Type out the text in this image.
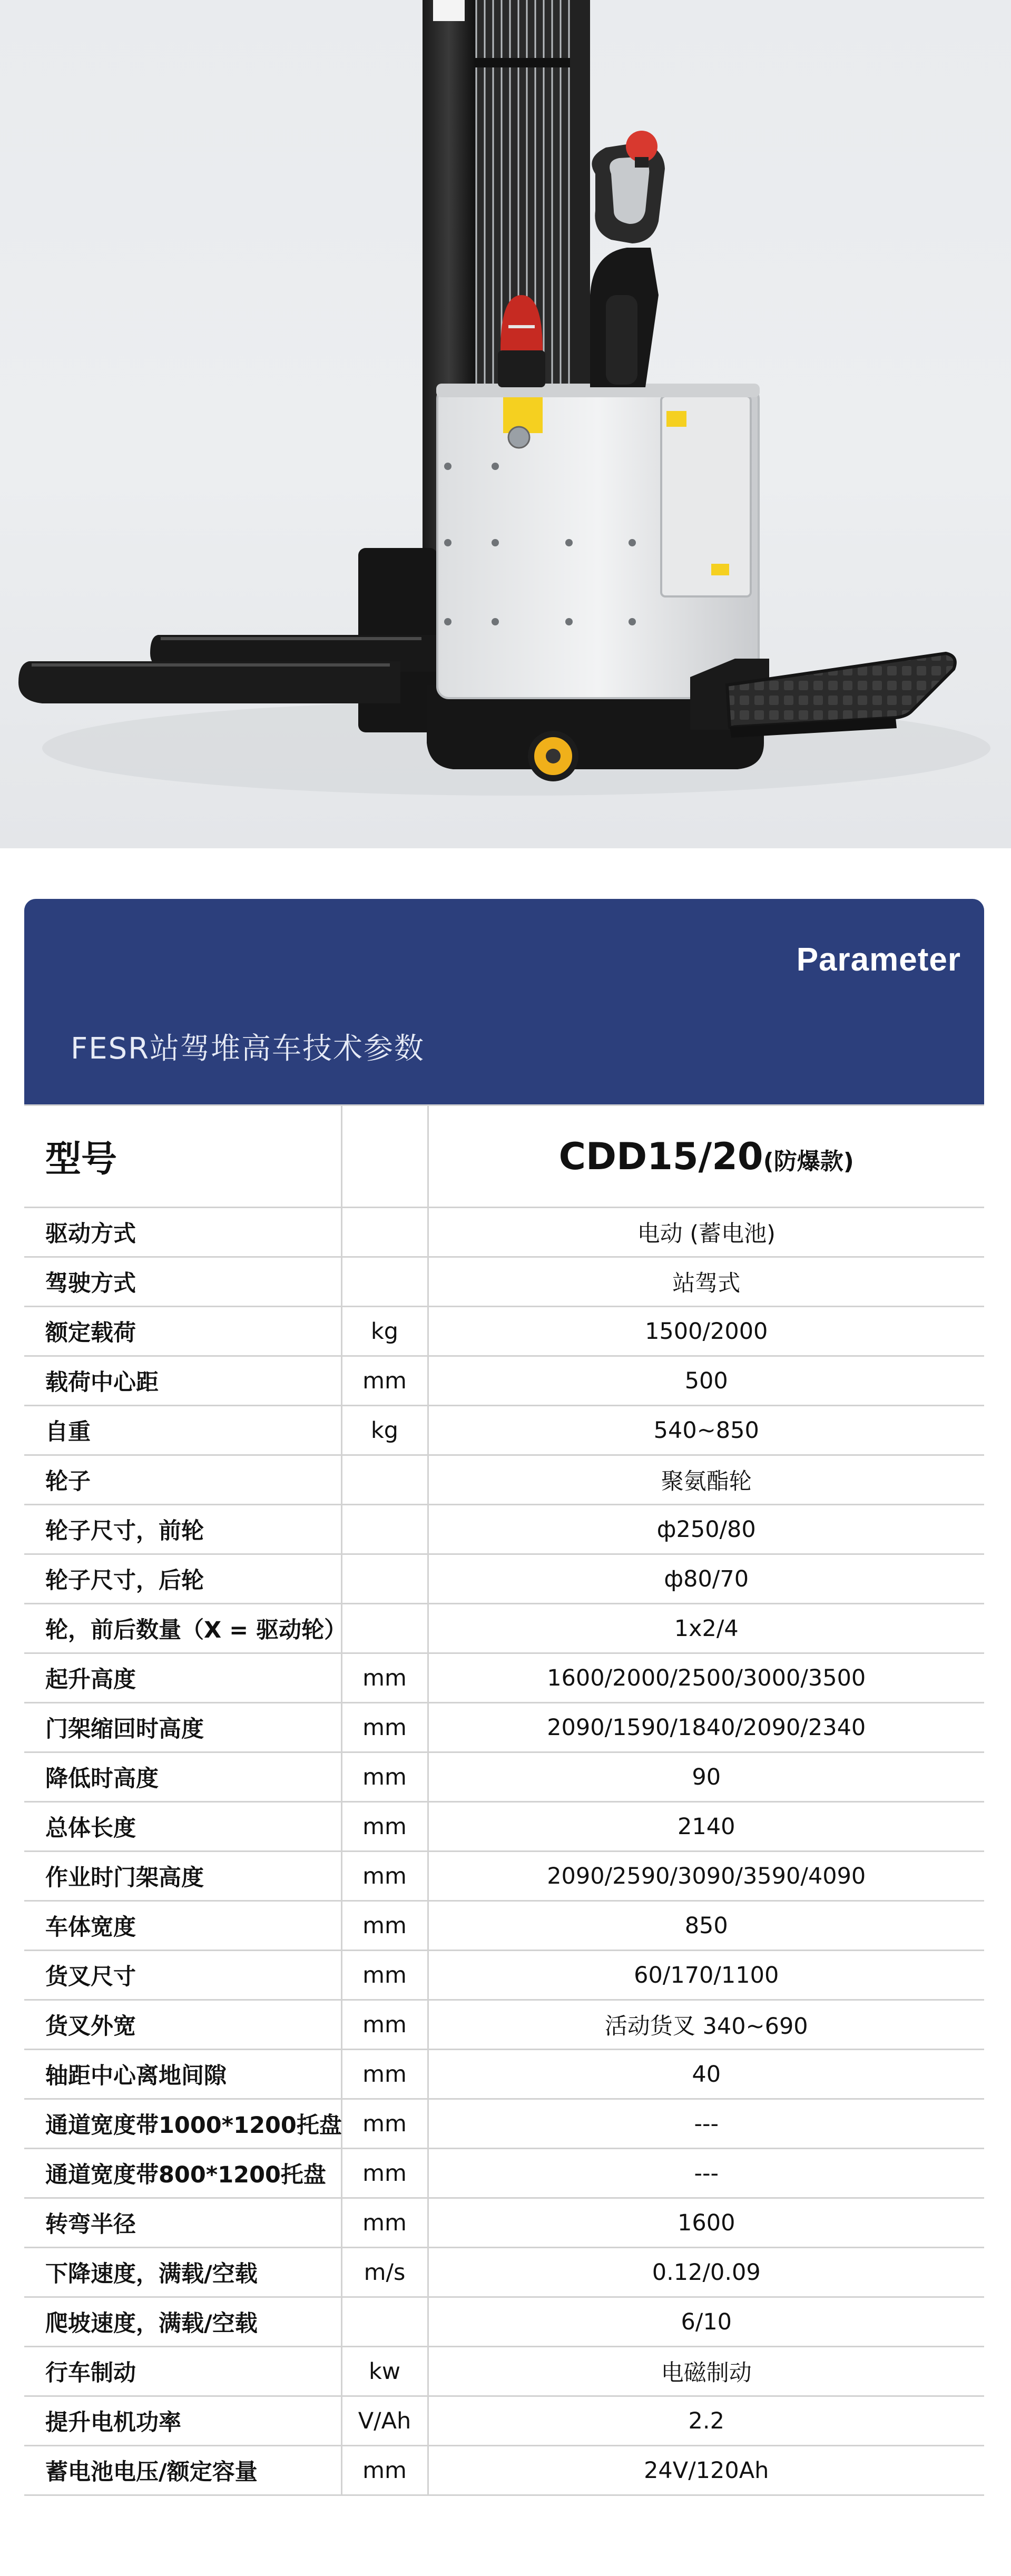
Parameter
FESR站驾堆高车技术参数
型号		CDD15/20(防爆款)
驱动方式		电动 (蓄电池)
驾驶方式		站驾式
额定载荷	kg	1500/2000
载荷中心距	mm	500
自重	kg	540~850
轮子		聚氨酯轮
轮子尺寸，前轮		ф250/80
轮子尺寸，后轮		ф80/70
轮，前后数量（X = 驱动轮）		1x2/4
起升高度	mm	1600/2000/2500/3000/3500
门架缩回时高度	mm	2090/1590/1840/2090/2340
降低时高度	mm	90
总体长度	mm	2140
作业时门架高度	mm	2090/2590/3090/3590/4090
车体宽度	mm	850
货叉尺寸	mm	60/170/1100
货叉外宽	mm	活动货叉 340~690
轴距中心离地间隙	mm	40
通道宽度带1000*1200托盘	mm	---
通道宽度带800*1200托盘	mm	---
转弯半径	mm	1600
下降速度，满载/空载	m/s	0.12/0.09
爬坡速度，满载/空载		6/10
行车制动	kw	电磁制动
提升电机功率	V/Ah	2.2
蓄电池电压/额定容量	mm	24V/120Ah
